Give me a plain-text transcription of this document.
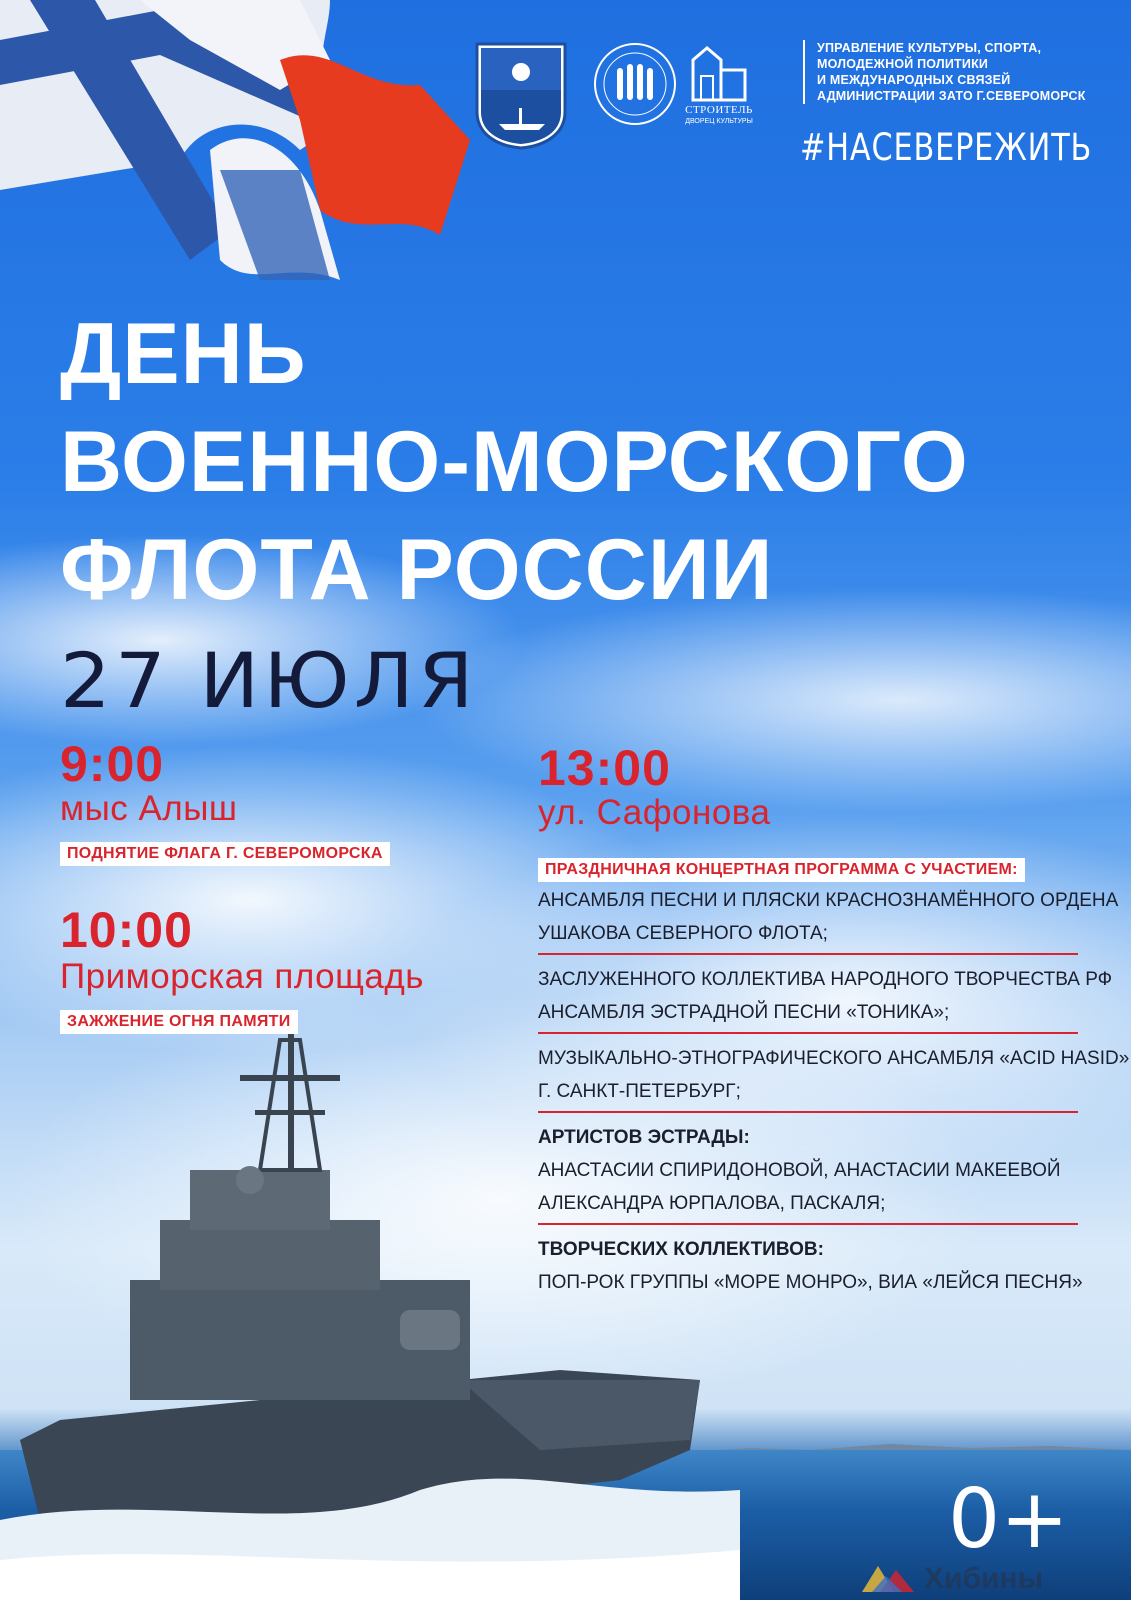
СТРОИТЕЛЬ
ДВОРЕЦ КУЛЬТУРЫ
УПРАВЛЕНИЕ КУЛЬТУРЫ, СПОРТА,
МОЛОДЕЖНОЙ ПОЛИТИКИ
И МЕЖДУНАРОДНЫХ СВЯЗЕЙ
АДМИНИСТРАЦИИ ЗАТО Г.СЕВЕРОМОРСК
#НАСЕВЕРЕЖИТЬ
ДЕНЬ
ВОЕННО-МОРСКОГО
ФЛОТА РОССИИ
27 ИЮЛЯ
9:00
мыс Алыш
ПОДНЯТИЕ ФЛАГА Г. СЕВЕРОМОРСКА
10:00
Приморская площадь
ЗАЖЖЕНИЕ ОГНЯ ПАМЯТИ
13:00
ул. Сафонова
ПРАЗДНИЧНАЯ КОНЦЕРТНАЯ ПРОГРАММА С УЧАСТИЕМ:
АНСАМБЛЯ ПЕСНИ И ПЛЯСКИ КРАСНОЗНАМЁННОГО ОРДЕНА
УШАКОВА СЕВЕРНОГО ФЛОТА;
ЗАСЛУЖЕННОГО КОЛЛЕКТИВА НАРОДНОГО ТВОРЧЕСТВА РФ
АНСАМБЛЯ ЭСТРАДНОЙ ПЕСНИ «ТОНИКА»;
МУЗЫКАЛЬНО-ЭТНОГРАФИЧЕСКОГО АНСАМБЛЯ «ACID HASID»
Г. САНКТ-ПЕТЕРБУРГ;
АРТИСТОВ ЭСТРАДЫ:
АНАСТАСИИ СПИРИДОНОВОЙ, АНАСТАСИИ МАКЕЕВОЙ
АЛЕКСАНДРА ЮРПАЛОВА, ПАСКАЛЯ;
ТВОРЧЕСКИХ КОЛЛЕКТИВОВ:
ПОП-РОК ГРУППЫ «МОРЕ МОНРО», ВИА «ЛЕЙСЯ ПЕСНЯ»
0+
Хибины
